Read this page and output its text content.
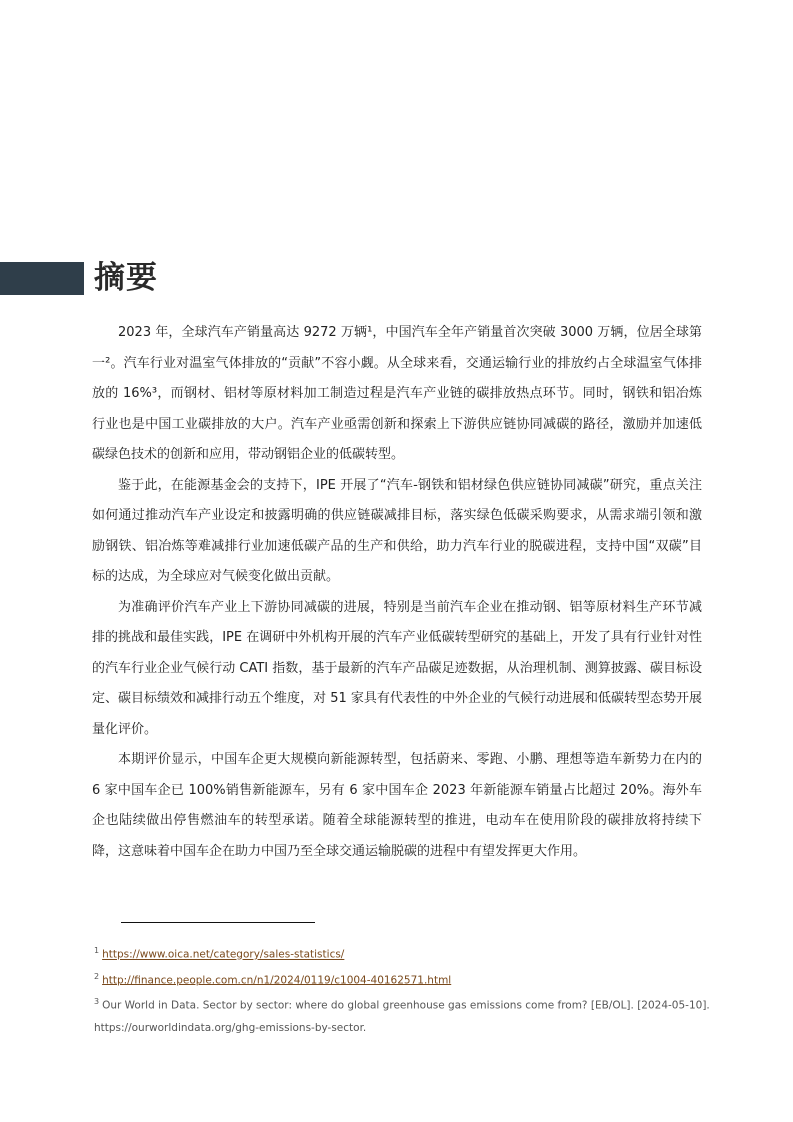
摘要

2023 年，全球汽车产销量高达 9272 万辆¹，中国汽车全年产销量首次突破 3000 万辆，位居全球第一²。汽车行业对温室气体排放的“贡献”不容小觑。从全球来看，交通运输行业的排放约占全球温室气体排放的 16%³，而钢材、铝材等原材料加工制造过程是汽车产业链的碳排放热点环节。同时，钢铁和铝冶炼行业也是中国工业碳排放的大户。汽车产业亟需创新和探索上下游供应链协同减碳的路径，激励并加速低碳绿色技术的创新和应用，带动钢铝企业的低碳转型。

鉴于此，在能源基金会的支持下，IPE 开展了“汽车-钢铁和铝材绿色供应链协同减碳”研究，重点关注如何通过推动汽车产业设定和披露明确的供应链碳减排目标，落实绿色低碳采购要求，从需求端引领和激励钢铁、铝冶炼等难减排行业加速低碳产品的生产和供给，助力汽车行业的脱碳进程，支持中国“双碳”目标的达成，为全球应对气候变化做出贡献。

为准确评价汽车产业上下游协同减碳的进展，特别是当前汽车企业在推动钢、铝等原材料生产环节减排的挑战和最佳实践，IPE 在调研中外机构开展的汽车产业低碳转型研究的基础上，开发了具有行业针对性的汽车行业企业气候行动 CATI 指数，基于最新的汽车产品碳足迹数据，从治理机制、测算披露、碳目标设定、碳目标绩效和减排行动五个维度，对 51 家具有代表性的中外企业的气候行动进展和低碳转型态势开展量化评价。

本期评价显示，中国车企更大规模向新能源转型，包括蔚来、零跑、小鹏、理想等造车新势力在内的 6 家中国车企已 100%销售新能源车，另有 6 家中国车企 2023 年新能源车销量占比超过 20%。海外车企也陆续做出停售燃油车的转型承诺。随着全球能源转型的推进，电动车在使用阶段的碳排放将持续下降，这意味着中国车企在助力中国乃至全球交通运输脱碳的进程中有望发挥更大作用。

$^1$ https://www.oica.net/category/sales-statistics/

$^2$ http://finance.people.com.cn/n1/2024/0119/c1004-40162571.html

$^3$ Our World in Data. Sector by sector: where do global greenhouse gas emissions come from? [EB/OL]. [2024-05-10].

https://ourworldindata.org/ghg-emissions-by-sector.
